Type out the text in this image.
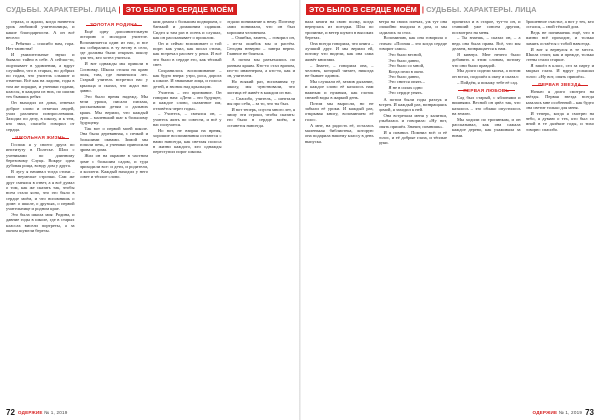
СУДЬБЫ. ХАРАКТЕРЫ. ЛИЦА | ЭТО БЫЛО В СЕРДЦЕ МОЁМ

страха, и ждали, когда начнется урок любимой учительницы, и какие благодарности. А он всё весело:

– Ребятки – спасибо вам, гора. Нет таинства!

И умилительные звуки и бывало: тайно в себе. А сейчас-то, ощупывает в удивлении, а вдруг случайно, что в старых, но добрых по годам, что учитель слышит и отметки. Всё как на ладони, годы в том же порядке, и ученики годами, классы, в каждом из них, по шагам тех бывших ребят.

Он выходил из дома, отвечал доброе слово и отмечал людей, учил различно повзрослевшим. Заходил по делу, в школу, и к тем, кто звал, спасибо говорил от сердца.

ШКОЛЬНАЯ ЖИЗНЬ

Госпож я у своего друга по институту в Полесье. Шли с учениками по длинному березовому Слуцк. Вокруг одна дубовая роща, всюду дом у друга.

В лугу я начинал тогда стихи – свои неумелые строчки. Сам же друг смеялся в ответ, а я всё думал о том, как же сказать так, чтобы всем стало ясно, что это было в сердце моём, и что вспомнишь о доме: о школе, о друзьях, о первой учительнице и родном крае.

Это была школа моя: Родина, и давние годы в школе, где в старых классах висели портреты, а за окном шумели березы.

ЗОЛОТАЯ РОДИНА

Ещё одну дополнительную историю о молодом учителе. Вспоминается один из нас, и все мы собирались в ту весну в село, где должны были открыть школу для тех, кто хотел учиться.

И вот однажды мы пришли в Сосновку. Школа стояла на краю поля, там, где начинался лес. Старый учитель встретил нас у крыльца и сказал, что ждал нас давно.

Это было время надежд. Мы вели уроки, писали письма, рассказывали детям о дальних краях. Мы верили, что каждый урок – маленький шаг к большому будущему.

Так вот о первой моей школе. Она была деревянная, с печкой и большими окнами. Зимой мы топили печь, а ученики приносили дрова из дома.

Жил он на окраине в частном доме с большим садом, и туда приходили все: и дети, и родители, и коллеги. Каждый находил у него совет и тёплое слово.

ким домом с большим подворьем, с банькой и домашним садиком. Сидел я там раз в осень и слушал, как он рассказывает о прошлом.

Он и сейчас вспоминает о той поре: как учил, как писал стихи, как встречал рассвет у реки. И всё это было в сердце его, как тёплый свет.

Сохранилось воспоминание – как будто вчера: утро, роса, дорога к школе. И знакомые лица, и голоса детей, и звонок над крыльцом.

Учитель – это призвание. Он говорил нам: «Дети – это будущее, и каждое слово, сказанное им, отзовётся через годы».

– Учитесь, – смеялся он, – учитесь жить по совести, и всё у вас получится.

Но вот, не взирая на время, хорошие воспоминания остаются с нами навсегда, как светлая полоса в жизни каждого, кто однажды переступил порог школы.

отдали понимание к нему. Поэтому сами понимали, что он был хорошим человеком.

– Ошибка, заметь, – говорил он, – из-за ошибок мы и растём. Сегодня неверно – завтра верно. Главное не бояться.

А потом мы разъехались по разным краям. Кто-то стал врачом, кто-то инженером, а кто-то, как и он, учителем.

Но всякий раз, вспоминая ту школу, мы чувствовали, что частица её живёт в каждом из нас.

– Спасибо, учитель, – шептали мы про себя, – за то, что ты был.

И вот теперь, спустя много лет, я пишу эти строки, чтобы сказать: это было в сердце моём, и останется навсегда.

72 ОДЕРЖИЕ № 1, 2019
ЭТО БЫЛО В СЕРДЦЕ МОЁМ | СУДЬБЫ. ХАРАКТЕРЫ. ЛИЦА

вала книги на свою полку, когда вернулась из поездки. Шла по тропинке, и ветер шумел в высоких березах.

Она всегда говорила, что книга – лучший друг. И мы верили ей, потому что видели, как она сама живёт книгами.

– Знаете, – говорила она, – человек, который читает, никогда не бывает одинок.

Мы слушали её, затаив дыхание, и каждое слово её казалось нам важным и нужным, как глоток свежей воды в жаркий день.

Потом мы выросли, но не забыли её уроки. И каждый раз, открывая книгу, вспоминаем её голос.

А мне, на радость её, осталась маленькая библиотека, которую она подарила нашему классу в день выпуска.

ветра на своих плечах, уж тут она спокойно входила в дом, и мы садились за стол.

Вспоминаю, как она говорила о стихах: «Поэзия – это когда сердце говорит само».

Это было весной,
Это было давно,
Это было со мной,
Когда пели в окно.
Это было давно,
Это снится опять –
Я не в силах одно
Это сердце унять.

А потом были годы разлук и встреч. И каждый раз, возвращаясь домой, я заходил к ней.

Она встречала меня у калитки, улыбалась и говорила: «Ну вот, опять пришёл. Значит, помнишь».

И я помнил. Помнил всё: и её голос, и её добрые глаза, и тёплые руки.

прочитал и в старое, тут-то он, и ставший уже совсем другим, посмотрел на меня.

– Ты знаешь, – сказал он, – а ведь она была права. Всё, что мы делаем, возвращается к нам.

Я кивнул. Мне нечего было добавить к этим словам, потому что они были правдой.

Мы долго сидели молча, а потом он встал, подошёл к окну и сказал:

– Пойдём, я покажу тебе её сад.

ПЕРВАЯ ЛЮБОВЬ

Сад был старый, с яблонями и вишнями. Весной он цвёл так, что казалось – это облако опустилось на землю.

Мы ходили по тропинкам, и он рассказывал, как она сажала каждое дерево, как ухаживала за ними.

брошенное счастье, а вот у тех, кто остался, – свой тёплый дом.

Ведь не понимаешь ещё, что в жизни всё проходит, и только память остаётся с тобой навсегда.

И вот я вернулся в те места. Школа стоит, как и прежде, только стены стали старше.

Я зашёл в класс, сел за парту и закрыл глаза. И вдруг услышал голос: «Ну вот, опять пришёл».

ПЕРВАЯ ЗВЕЗДА

Ночью я долго смотрел на звёзды. Первая звезда всегда казалась мне особенной – как будто она светит только для меня.

И теперь, когда я смотрю на небо, я думаю о тех, кто был со мной в те далёкие годы, и тихо говорю: спасибо.

ОДЕРЖИЕ № 1, 2019 73
